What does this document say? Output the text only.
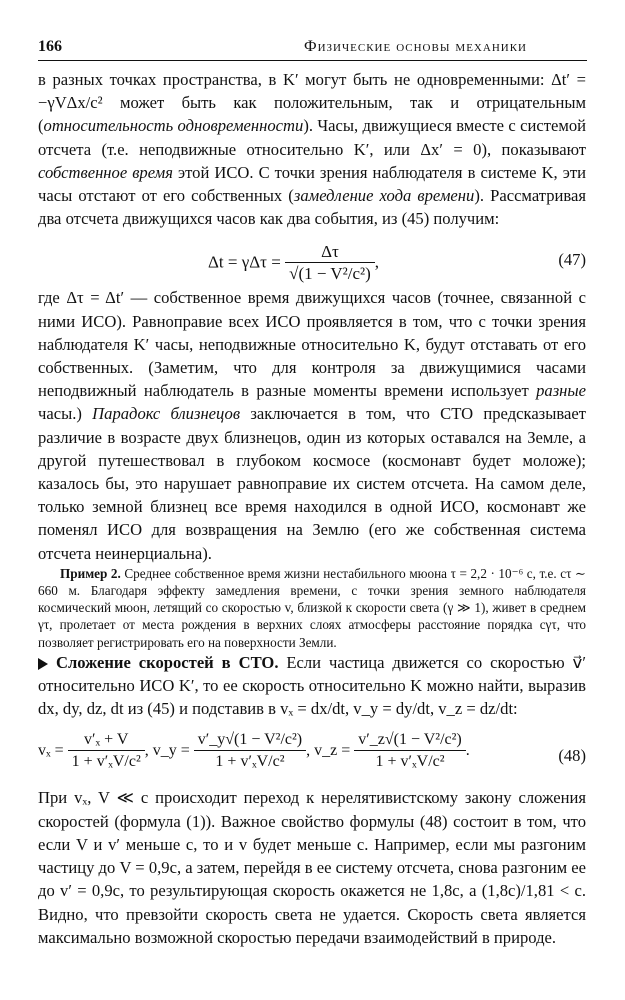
166	Физические основы механики

в разных точках пространства, в K′ могут быть не одновременными: Δt′ = −γVΔx/c² может быть как положительным, так и отрицательным (относительность одновременности). Часы, движущиеся вместе с системой отсчета (т.е. неподвижные относительно K′, или Δx′ = 0), показывают собственное время этой ИСО. С точки зрения наблюдателя в системе K, эти часы отстают от его собственных (замедление хода времени). Рассматривая два отсчета движущихся часов как два события, из (45) получим:

$\Delta t = \gamma\Delta\tau = \frac{\Delta\tau}{\text{√(1 − V²/c²)}}$ ,	(47)

где Δτ = Δt′ — собственное время движущихся часов (точнее, связанной с ними ИСО). Равноправие всех ИСО проявляется в том, что с точки зрения наблюдателя K′ часы, неподвижные относительно K, будут отставать от его собственных. (Заметим, что для контроля за движущимися часами неподвижный наблюдатель в разные моменты времени использует разные часы.) Парадокс близнецов заключается в том, что СТО предсказывает различие в возрасте двух близнецов, один из которых оставался на Земле, а другой путешествовал в глубоком космосе (космонавт будет моложе); казалось бы, это нарушает равноправие их систем отсчета. На самом деле, только земной близнец все время находился в одной ИСО, космонавт же поменял ИСО для возвращения на Землю (его же собственная система отсчета неинерциальна).

Пример 2. Среднее собственное время жизни нестабильного мюона τ = 2,2 · 10⁻⁶ с, т.е. cτ ∼ 660 м. Благодаря эффекту замедления времени, с точки зрения земного наблюдателя космический мюон, летящий со скоростью v, близкой к скорости света (γ ≫ 1), живет в среднем γτ, пролетает от места рождения в верхних слоях атмосферы расстояние порядка cγτ, что позволяет регистрировать его на поверхности Земли.

Сложение скоростей в СТО. Если частица движется со скоростью v⃗′ относительно ИСО K′, то ее скорость относительно K можно найти, выразив dx, dy, dz, dt из (45) и подставив в vₓ = dx/dt, v_y = dy/dt, v_z = dz/dt:

$v_x = \frac{\text{v′ₓ + V}}{\text{1 + v′ₓV/c²}}$ , v_y = $\frac{\text{v′\_y√(1 − V²/c²)}}{\text{1 + v′ₓV/c²}}$ , v_z = $\frac{\text{v′\_z√(1 − V²/c²)}}{\text{1 + v′ₓV/c²}}$ .	(48)

При vₓ, V ≪ c происходит переход к нерелятивистскому закону сложения скоростей (формула (1)). Важное свойство формулы (48) состоит в том, что если V и v′ меньше c, то и v будет меньше c. Например, если мы разгоним частицу до V = 0,9c, а затем, перейдя в ее систему отсчета, снова разгоним ее до v′ = 0,9c, то результирующая скорость окажется не 1,8c, а (1,8c)/1,81 < c. Видно, что превзойти скорость света не удается. Скорость света является максимально возможной скоростью передачи взаимодействий в природе.
